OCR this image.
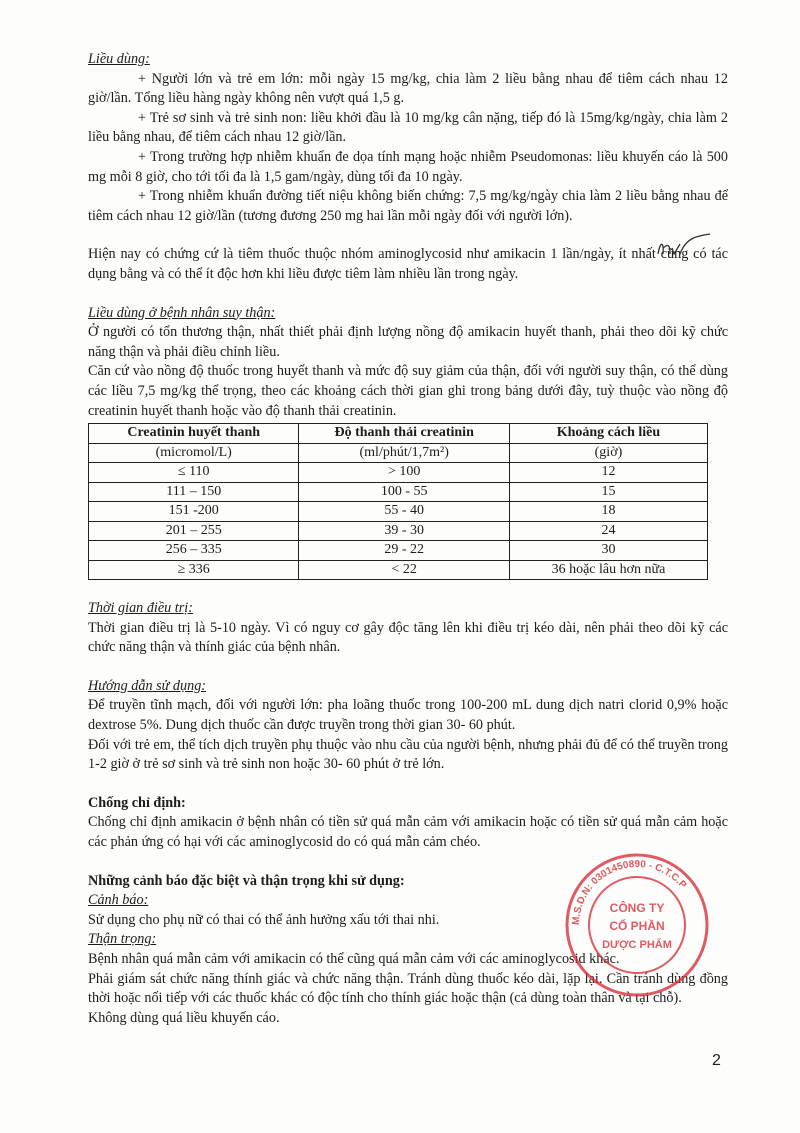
Liều dùng:

+ Người lớn và trẻ em lớn: mỗi ngày 15 mg/kg, chia làm 2 liều bằng nhau để tiêm cách nhau 12 giờ/lần. Tổng liều hàng ngày không nên vượt quá 1,5 g.

+ Trẻ sơ sinh và trẻ sinh non: liều khởi đầu là 10 mg/kg cân nặng, tiếp đó là 15mg/kg/ngày, chia làm 2 liều bằng nhau, để tiêm cách nhau 12 giờ/lần.

+ Trong trường hợp nhiễm khuẩn đe dọa tính mạng hoặc nhiễm Pseudomonas: liều khuyến cáo là 500 mg mỗi 8 giờ, cho tới tối đa là 1,5 gam/ngày, dùng tối đa 10 ngày.

+ Trong nhiễm khuẩn đường tiết niệu không biến chứng: 7,5 mg/kg/ngày chia làm 2 liều bằng nhau để tiêm cách nhau 12 giờ/lần (tương đương 250 mg hai lần mỗi ngày đối với người lớn).

Hiện nay có chứng cứ là tiêm thuốc thuộc nhóm aminoglycosid như amikacin 1 lần/ngày, ít nhất cũng có tác dụng bằng và có thể ít độc hơn khi liều được tiêm làm nhiều lần trong ngày.

Liều dùng ở bệnh nhân suy thận:

Ở người có tổn thương thận, nhất thiết phải định lượng nồng độ amikacin huyết thanh, phải theo dõi kỹ chức năng thận và phải điều chỉnh liều.

Căn cứ vào nồng độ thuốc trong huyết thanh và mức độ suy giảm của thận, đối với người suy thận, có thể dùng các liều 7,5 mg/kg thể trọng, theo các khoảng cách thời gian ghi trong bảng dưới đây, tuỳ thuộc vào nồng độ creatinin huyết thanh hoặc vào độ thanh thải creatinin.

Creatinin huyết thanh	Độ thanh thải creatinin	Khoảng cách liều
(micromol/L)	(ml/phút/1,7m²)	(giờ)
≤ 110	> 100	12
111 – 150	100 - 55	15
151 -200	55 - 40	18
201 – 255	39 - 30	24
256 – 335	29 - 22	30
≥ 336	< 22	36 hoặc lâu hơn nữa
Thời gian điều trị:

Thời gian điều trị là 5-10 ngày. Vì có nguy cơ gây độc tăng lên khi điều trị kéo dài, nên phải theo dõi kỹ các chức năng thận và thính giác của bệnh nhân.

Hướng dẫn sử dụng:

Để truyền tĩnh mạch, đối với người lớn: pha loãng thuốc trong 100-200 mL dung dịch natri clorid 0,9% hoặc dextrose 5%. Dung dịch thuốc cần được truyền trong thời gian 30- 60 phút.

Đối với trẻ em, thể tích dịch truyền phụ thuộc vào nhu cầu của người bệnh, nhưng phải đủ để có thể truyền trong 1-2 giờ ở trẻ sơ sinh và trẻ sinh non hoặc 30- 60 phút ở trẻ lớn.

Chống chỉ định:

Chống chỉ định amikacin ở bệnh nhân có tiền sử quá mẫn cảm với amikacin hoặc có tiền sử quá mẫn cảm hoặc các phản ứng có hại với các aminoglycosid do có quá mẫn cảm chéo.

Những cảnh báo đặc biệt và thận trọng khi sử dụng:
Cảnh báo:

Sử dụng cho phụ nữ có thai có thể ảnh hưởng xấu tới thai nhi.

Thận trọng:

Bệnh nhân quá mẫn cảm với amikacin có thể cũng quá mẫn cảm với các aminoglycosid khác.

Phải giám sát chức năng thính giác và chức năng thận. Tránh dùng thuốc kéo dài, lặp lại. Cần tránh dùng đồng thời hoặc nối tiếp với các thuốc khác có độc tính cho thính giác hoặc thận (cả dùng toàn thân và tại chỗ).

Không dùng quá liều khuyến cáo.

M.S.D.N: 0301450890 - C.T.C.P
CÔNG TY
CỔ PHẦN
DƯỢC PHẨM
2
